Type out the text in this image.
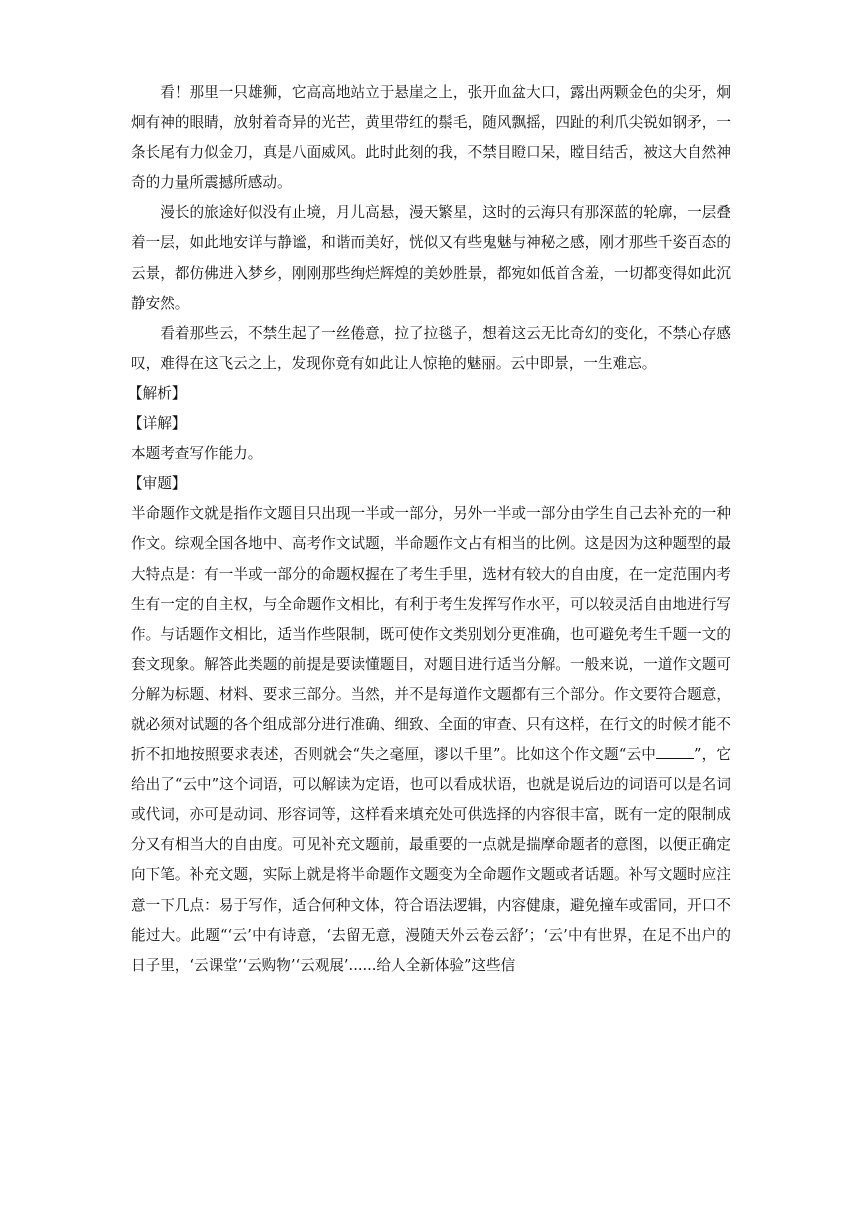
看！那里一只雄狮，它高高地站立于悬崖之上，张开血盆大口，露出两颗金色的尖牙，炯炯有神的眼睛，放射着奇异的光芒，黄里带红的鬃毛，随风飘摇，四趾的利爪尖锐如钢矛，一条长尾有力似金刀，真是八面威风。此时此刻的我，不禁目瞪口呆，瞠目结舌，被这大自然神奇的力量所震撼所感动。

漫长的旅途好似没有止境，月儿高悬，漫天繁星，这时的云海只有那深蓝的轮廓，一层叠着一层，如此地安详与静谧，和谐而美好，恍似又有些鬼魅与神秘之感，刚才那些千姿百态的云景，都仿佛进入梦乡，刚刚那些绚烂辉煌的美妙胜景，都宛如低首含羞，一切都变得如此沉静安然。

看着那些云，不禁生起了一丝倦意，拉了拉毯子，想着这云无比奇幻的变化，不禁心存感叹，难得在这飞云之上，发现你竟有如此让人惊艳的魅丽。云中即景，一生难忘。

【解析】

【详解】

本题考查写作能力。

【审题】

半命题作文就是指作文题目只出现一半或一部分，另外一半或一部分由学生自己去补充的一种作文。综观全国各地中、高考作文试题，半命题作文占有相当的比例。这是因为这种题型的最大特点是：有一半或一部分的命题权握在了考生手里，选材有较大的自由度，在一定范围内考生有一定的自主权，与全命题作文相比，有利于考生发挥写作水平，可以较灵活自由地进行写作。与话题作文相比，适当作些限制，既可使作文类别划分更准确，也可避免考生千题一文的套文现象。解答此类题的前提是要读懂题目，对题目进行适当分解。一般来说，一道作文题可分解为标题、材料、要求三部分。当然，并不是每道作文题都有三个部分。作文要符合题意，就必须对试题的各个组成部分进行准确、细致、全面的审查、只有这样，在行文的时候才能不折不扣地按照要求表述，否则就会“失之毫厘，谬以千里”。比如这个作文题“云中	”，它给出了“云中”这个词语，可以解读为定语，也可以看成状语，也就是说后边的词语可以是名词或代词，亦可是动词、形容词等，这样看来填充处可供选择的内容很丰富，既有一定的限制成分又有相当大的自由度。可见补充文题前，最重要的一点就是揣摩命题者的意图，以便正确定向下笔。补充文题，实际上就是将半命题作文题变为全命题作文题或者话题。补写文题时应注意一下几点：易于写作，适合何种文体，符合语法逻辑，内容健康，避免撞车或雷同，开口不能过大。此题“‘云’中有诗意，‘去留无意，漫随天外云卷云舒’；‘云’中有世界，在足不出户的日子里，‘云课堂’‘云购物’‘云观展’......给人全新体验”这些信
